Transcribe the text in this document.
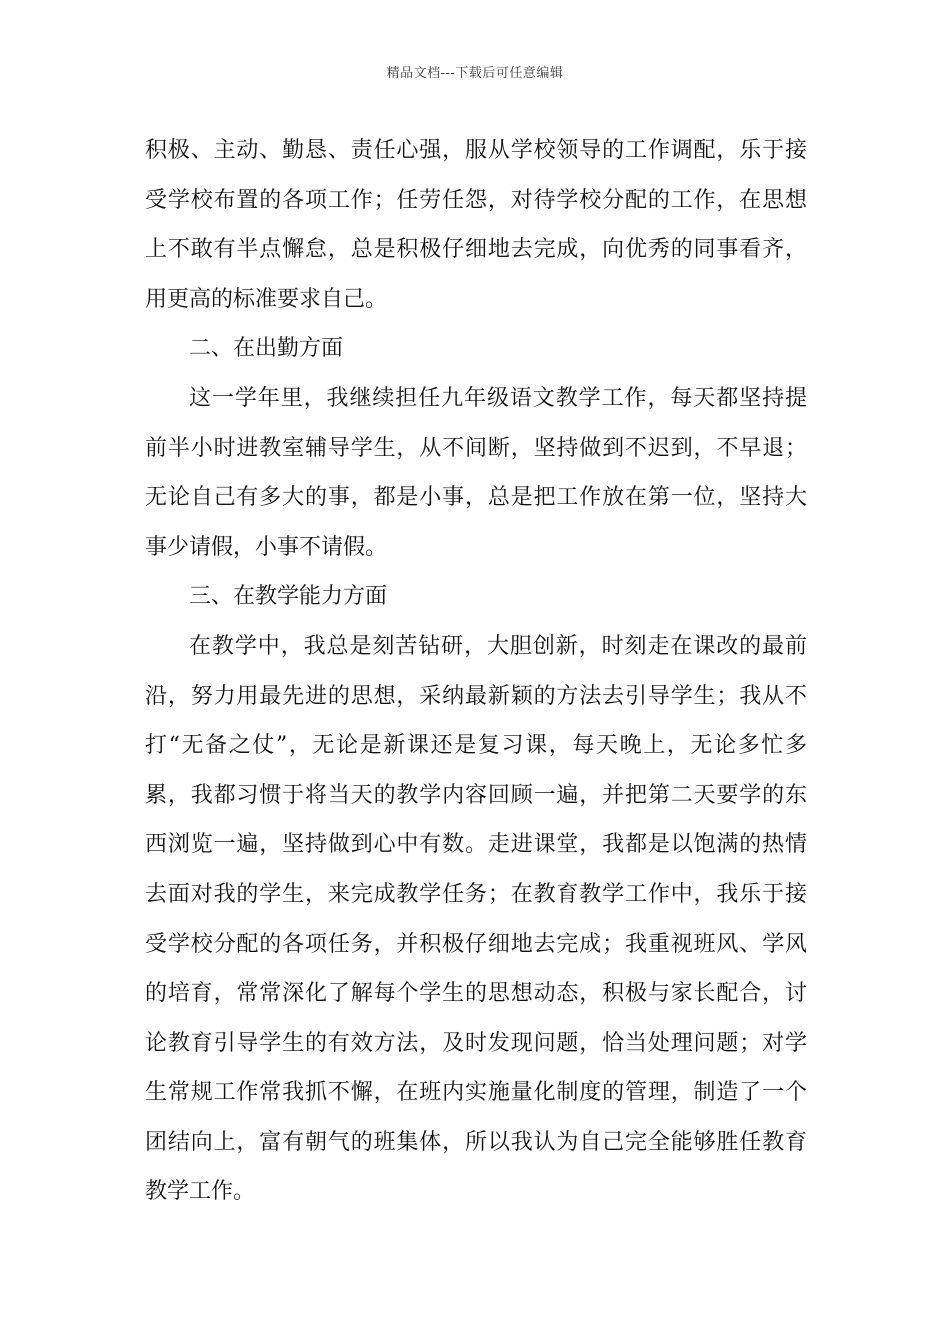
精品文档---下载后可任意编辑
积极、主动、勤恳、责任心强，服从学校领导的工作调配，乐于接
受学校布置的各项工作；任劳任怨，对待学校分配的工作，在思想
上不敢有半点懈怠，总是积极仔细地去完成，向优秀的同事看齐，
用更高的标准要求自己。
二、在出勤方面
这一学年里，我继续担任九年级语文教学工作，每天都坚持提
前半小时进教室辅导学生，从不间断，坚持做到不迟到，不早退；
无论自己有多大的事，都是小事，总是把工作放在第一位，坚持大
事少请假，小事不请假。
三、在教学能力方面
在教学中，我总是刻苦钻研，大胆创新，时刻走在课改的最前
沿，努力用最先进的思想，采纳最新颖的方法去引导学生；我从不
打“无备之仗”，无论是新课还是复习课，每天晚上，无论多忙多
累，我都习惯于将当天的教学内容回顾一遍，并把第二天要学的东
西浏览一遍，坚持做到心中有数。走进课堂，我都是以饱满的热情
去面对我的学生，来完成教学任务；在教育教学工作中，我乐于接
受学校分配的各项任务，并积极仔细地去完成；我重视班风、学风
的培育，常常深化了解每个学生的思想动态，积极与家长配合，讨
论教育引导学生的有效方法，及时发现问题，恰当处理问题；对学
生常规工作常我抓不懈，在班内实施量化制度的管理，制造了一个
团结向上，富有朝气的班集体，所以我认为自己完全能够胜任教育
教学工作。
